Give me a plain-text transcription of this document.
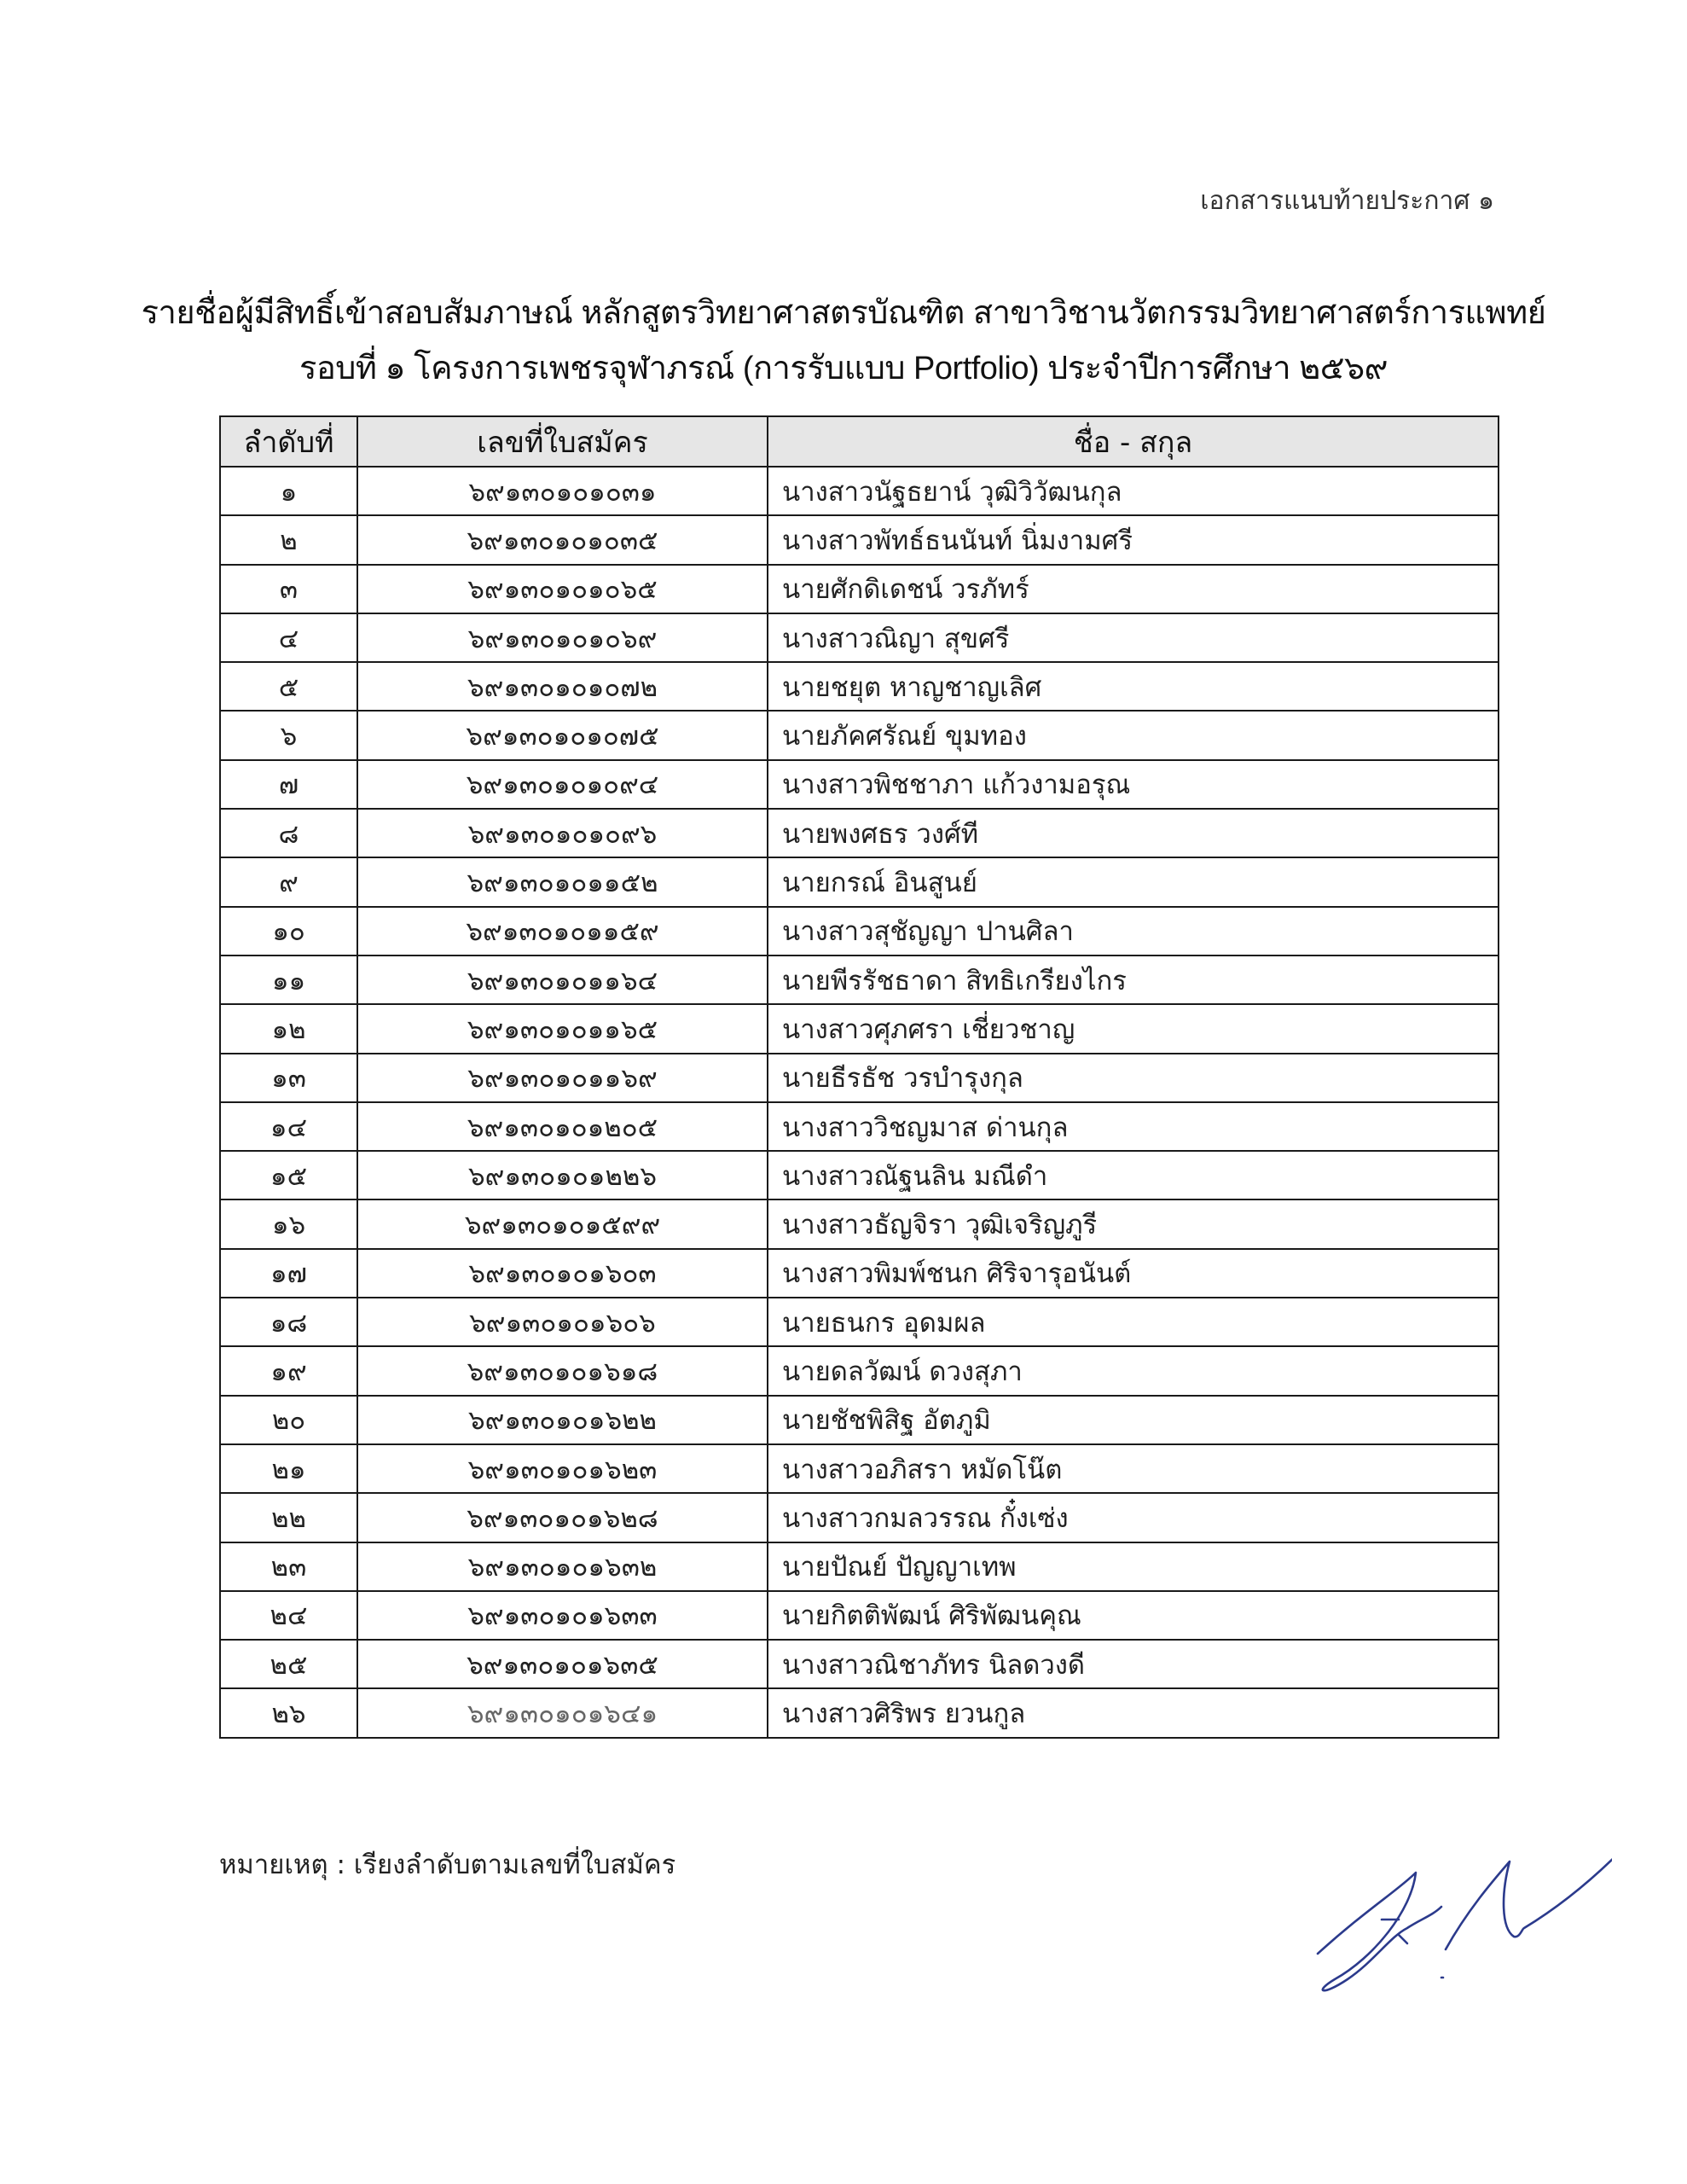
เอกสารแนบท้ายประกาศ ๑
รายชื่อผู้มีสิทธิ์เข้าสอบสัมภาษณ์ หลักสูตรวิทยาศาสตรบัณฑิต สาขาวิชานวัตกรรมวิทยาศาสตร์การแพทย์
รอบที่ ๑ โครงการเพชรจุฬาภรณ์ (การรับแบบ Portfolio) ประจำปีการศึกษา ๒๕๖๙
ลำดับที่	เลขที่ใบสมัคร	ชื่อ - สกุล
๑	๖๙๑๓๐๑๐๑๐๓๑	นางสาวนัฐธยาน์ วุฒิวิวัฒนกุล
๒	๖๙๑๓๐๑๐๑๐๓๕	นางสาวพัทธ์ธนนันท์ นิ่มงามศรี
๓	๖๙๑๓๐๑๐๑๐๖๕	นายศักดิเดชน์ วรภัทร์
๔	๖๙๑๓๐๑๐๑๐๖๙	นางสาวณิญา สุขศรี
๕	๖๙๑๓๐๑๐๑๐๗๒	นายชยุต หาญชาญเลิศ
๖	๖๙๑๓๐๑๐๑๐๗๕	นายภัคศรัณย์ ขุมทอง
๗	๖๙๑๓๐๑๐๑๐๙๔	นางสาวพิชชาภา แก้วงามอรุณ
๘	๖๙๑๓๐๑๐๑๐๙๖	นายพงศธร วงศ์ที
๙	๖๙๑๓๐๑๐๑๑๕๒	นายกรณ์ อินสูนย์
๑๐	๖๙๑๓๐๑๐๑๑๕๙	นางสาวสุชัญญา ปานศิลา
๑๑	๖๙๑๓๐๑๐๑๑๖๔	นายพีรรัชธาดา สิทธิเกรียงไกร
๑๒	๖๙๑๓๐๑๐๑๑๖๕	นางสาวศุภศรา เชี่ยวชาญ
๑๓	๖๙๑๓๐๑๐๑๑๖๙	นายธีรธัช วรบำรุงกุล
๑๔	๖๙๑๓๐๑๐๑๒๐๕	นางสาววิชญมาส ด่านกุล
๑๕	๖๙๑๓๐๑๐๑๒๒๖	นางสาวณัฐนลิน มณีดำ
๑๖	๖๙๑๓๐๑๐๑๕๙๙	นางสาวธัญจิรา วุฒิเจริญภูรี
๑๗	๖๙๑๓๐๑๐๑๖๐๓	นางสาวพิมพ์ชนก ศิริจารุอนันต์
๑๘	๖๙๑๓๐๑๐๑๖๐๖	นายธนกร อุดมผล
๑๙	๖๙๑๓๐๑๐๑๖๑๘	นายดลวัฒน์ ดวงสุภา
๒๐	๖๙๑๓๐๑๐๑๖๒๒	นายชัชพิสิฐ อัตภูมิ
๒๑	๖๙๑๓๐๑๐๑๖๒๓	นางสาวอภิสรา หมัดโน๊ต
๒๒	๖๙๑๓๐๑๐๑๖๒๘	นางสาวกมลวรรณ กั๋งเซ่ง
๒๓	๖๙๑๓๐๑๐๑๖๓๒	นายปัณย์ ปัญญาเทพ
๒๔	๖๙๑๓๐๑๐๑๖๓๓	นายกิตติพัฒน์ ศิริพัฒนคุณ
๒๕	๖๙๑๓๐๑๐๑๖๓๕	นางสาวณิชาภัทร นิลดวงดี
๒๖	๖๙๑๓๐๑๐๑๖๔๑	นางสาวศิริพร ยวนกูล
หมายเหตุ : เรียงลำดับตามเลขที่ใบสมัคร
